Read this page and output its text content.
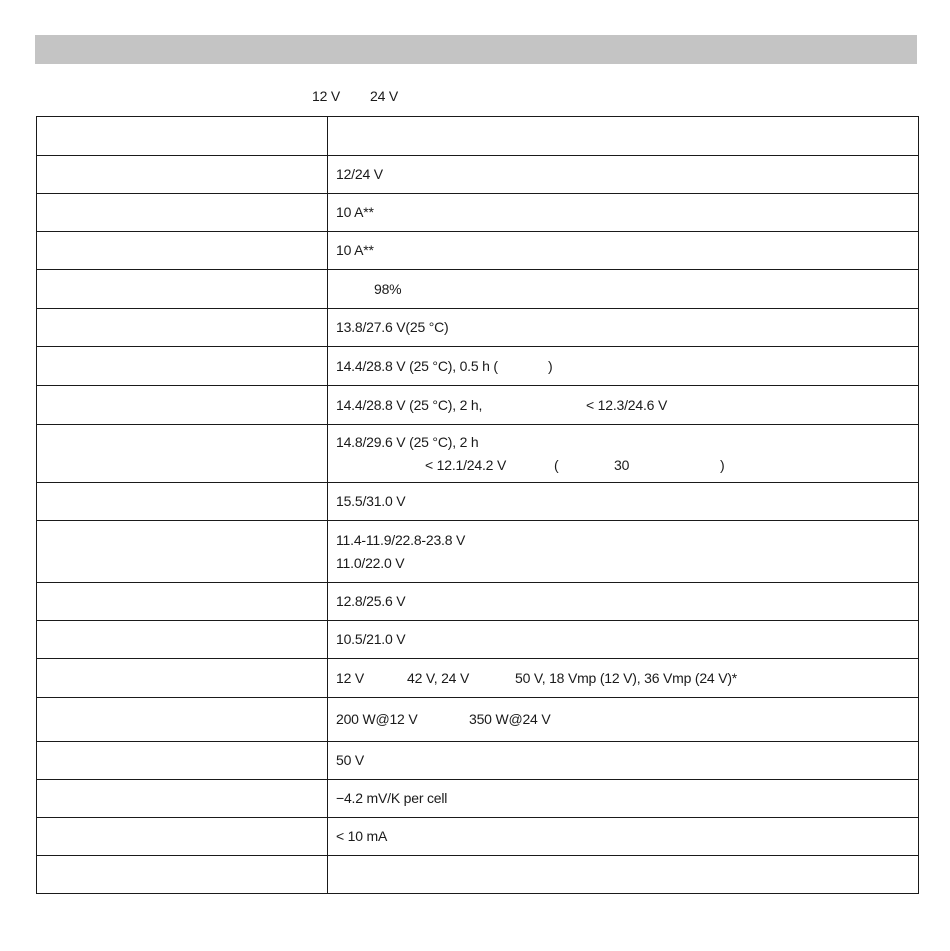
12 V 24 V

	12/24 V
	10 A**
	10 A**
	98%
	13.8/27.6 V(25 °C)

	14.4/28.8 V (25 °C), 0.5 h ( )

	14.4/28.8 V (25 °C), 2 h, < 12.3/24.6 V

	14.8/29.6 V (25 °C), 2 h
< 12.1/24.2 V ( 30 )

	15.5/31.0 V

	11.4-11.9/22.8-23.8 V
11.0/22.0 V

	12.8/25.6 V
	10.5/21.0 V

	12 V 42 V, 24 V 50 V, 18 Vmp (12 V), 36 Vmp (24 V)*

	200 W@12 V 350 W@24 V

	50 V
	−4.2 mV/K per cell
	< 10 mA
